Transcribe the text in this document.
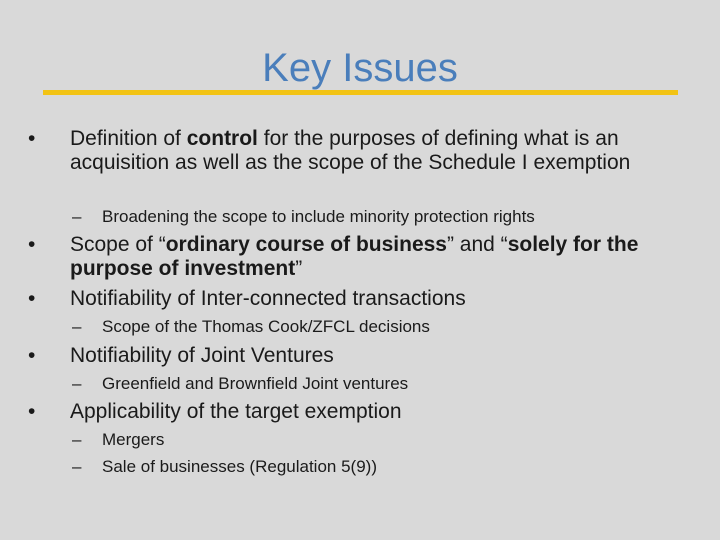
Key Issues
•	Definition of control for the purposes of defining what is an acquisition as well as the scope of the Schedule I exemption
– Broadening the scope to include minority protection rights
•	Scope of “ordinary course of business” and “solely for the purpose of investment”
•	Notifiability of Inter-connected transactions
– Scope of the Thomas Cook/ZFCL decisions
•	Notifiability of Joint Ventures
– Greenfield and Brownfield Joint ventures
•	Applicability of the target exemption
– Mergers
– Sale of businesses (Regulation 5(9))
